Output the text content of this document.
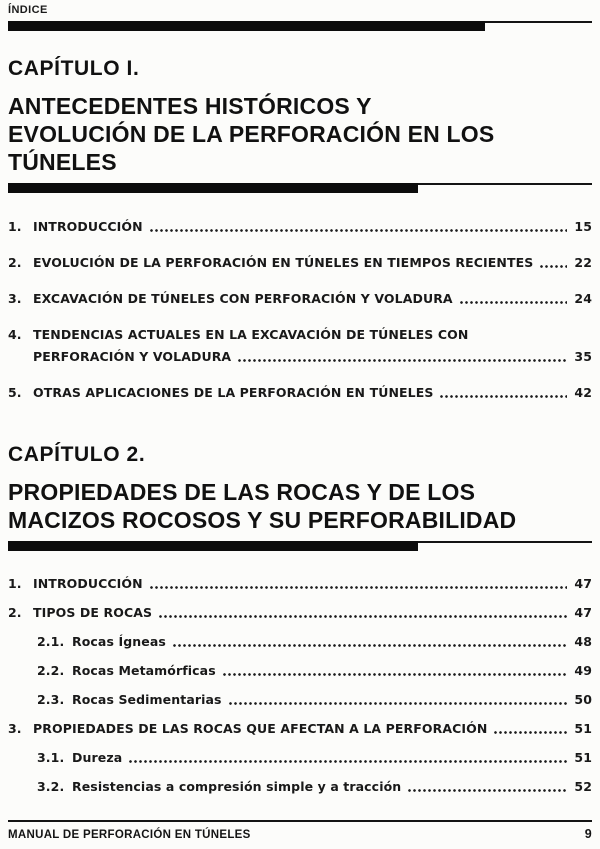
ÍNDICE
CAPÍTULO I.
ANTECEDENTES HISTÓRICOS Y
EVOLUCIÓN DE LA PERFORACIÓN EN LOS
TÚNELES
1. INTRODUCCIÓN	15
2. EVOLUCIÓN DE LA PERFORACIÓN EN TÚNELES EN TIEMPOS RECIENTES	22
3. EXCAVACIÓN DE TÚNELES CON PERFORACIÓN Y VOLADURA	24
4. TENDENCIAS ACTUALES EN LA EXCAVACIÓN DE TÚNELES CON
PERFORACIÓN Y VOLADURA	35
5. OTRAS APLICACIONES DE LA PERFORACIÓN EN TÚNELES	42
CAPÍTULO 2.
PROPIEDADES DE LAS ROCAS Y DE LOS
MACIZOS ROCOSOS Y SU PERFORABILIDAD
1. INTRODUCCIÓN	47
2. TIPOS DE ROCAS	47
2.1. Rocas Ígneas	48
2.2. Rocas Metamórficas	49
2.3. Rocas Sedimentarias	50
3. PROPIEDADES DE LAS ROCAS QUE AFECTAN A LA PERFORACIÓN	51
3.1. Dureza	51
3.2. Resistencias a compresión simple y a tracción	52
MANUAL DE PERFORACIÓN EN TÚNELES	9
